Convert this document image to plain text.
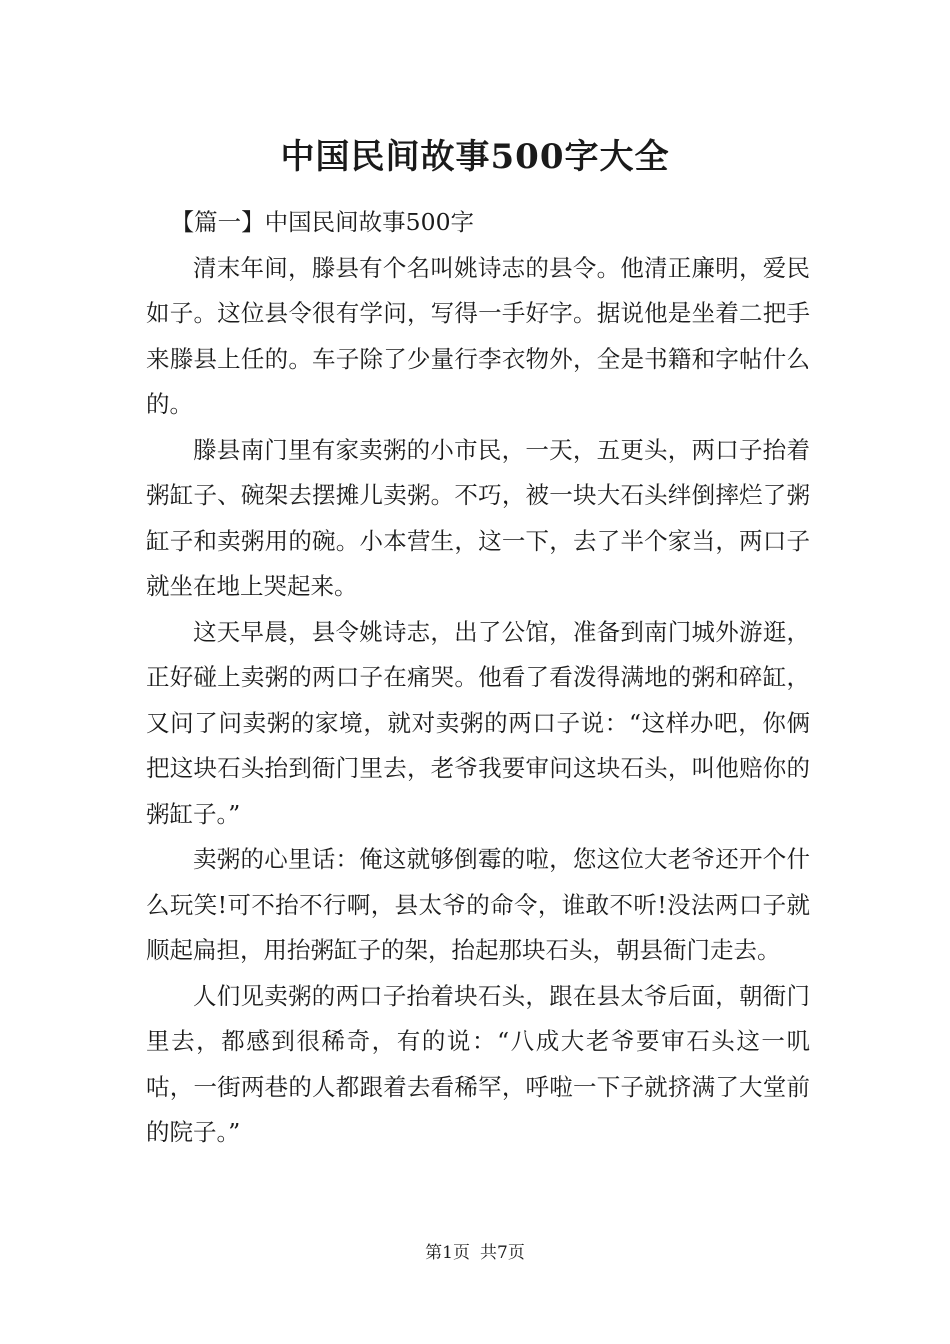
中国民间故事500字大全

【篇一】中国民间故事500字

清末年间，滕县有个名叫姚诗志的县令。他清正廉明，爱民如子。这位县令很有学问，写得一手好字。据说他是坐着二把手来滕县上任的。车子除了少量行李衣物外，全是书籍和字帖什么的。

滕县南门里有家卖粥的小市民，一天，五更头，两口子抬着粥缸子、碗架去摆摊儿卖粥。不巧，被一块大石头绊倒摔烂了粥缸子和卖粥用的碗。小本营生，这一下，去了半个家当，两口子就坐在地上哭起来。

这天早晨，县令姚诗志，出了公馆，准备到南门城外游逛，正好碰上卖粥的两口子在痛哭。他看了看泼得满地的粥和碎缸，又问了问卖粥的家境，就对卖粥的两口子说：“这样办吧，你俩把这块石头抬到衙门里去，老爷我要审问这块石头，叫他赔你的粥缸子。”

卖粥的心里话：俺这就够倒霉的啦，您这位大老爷还开个什么玩笑!可不抬不行啊，县太爷的命令，谁敢不听!没法两口子就顺起扁担，用抬粥缸子的架，抬起那块石头，朝县衙门走去。

人们见卖粥的两口子抬着块石头，跟在县太爷后面，朝衙门里去，都感到很稀奇，有的说：“八成大老爷要审石头这一叽咕，一街两巷的人都跟着去看稀罕，呼啦一下子就挤满了大堂前的院子。”

第1页 共7页
